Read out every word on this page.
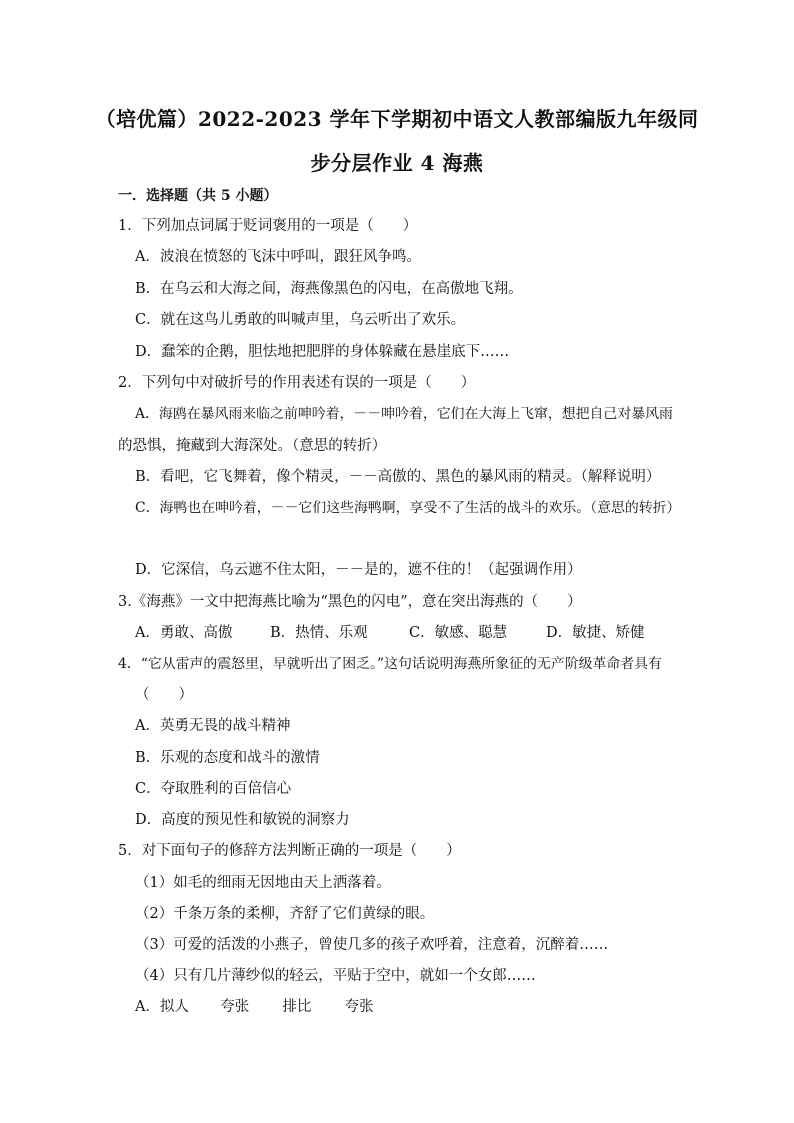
（培优篇）2022-2023 学年下学期初中语文人教部编版九年级同
步分层作业 4 海燕
一．选择题（共 5 小题）
1．下列加点词属于贬词褒用的一项是（　　）
A．波浪在愤怒的飞沫中呼叫，跟狂风争鸣。
B．在乌云和大海之间，海燕像黑色的闪电，在高傲地飞翔。
C．就在这鸟儿勇敢的叫喊声里，乌云听出了欢乐。
D．蠢笨的企鹅，胆怯地把肥胖的身体躲藏在悬崖底下……
2．下列句中对破折号的作用表述有误的一项是（　　）
A．海鸥在暴风雨来临之前呻吟着，－－呻吟着，它们在大海上飞窜，想把自己对暴风雨
的恐惧，掩藏到大海深处。（意思的转折）
B．看吧，它飞舞着，像个精灵，－－高傲的、黑色的暴风雨的精灵。（解释说明）
C．海鸭也在呻吟着，－－它们这些海鸭啊，享受不了生活的战斗的欢乐。（意思的转折）
D．它深信，乌云遮不住太阳，－－是的，遮不住的！（起强调作用）
3.《海燕》一文中把海燕比喻为“黑色的闪电”，意在突出海燕的（　　）
A．勇敢、高傲	B．热情、乐观	C．敏感、聪慧	D．敏捷、矫健
4．“它从雷声的震怒里，早就听出了困乏。”这句话说明海燕所象征的无产阶级革命者具有
（　　）
A．英勇无畏的战斗精神
B．乐观的态度和战斗的激情
C．夺取胜利的百倍信心
D．高度的预见性和敏锐的洞察力
5．对下面句子的修辞方法判断正确的一项是（　　）
（1）如毛的细雨无因地由天上洒落着。
（2）千条万条的柔柳，齐舒了它们黄绿的眼。
（3）可爱的活泼的小燕子，曾使几多的孩子欢呼着，注意着，沉醉着……
（4）只有几片薄纱似的轻云，平贴于空中，就如一个女郎……
A．拟人 夸张 排比 夸张
